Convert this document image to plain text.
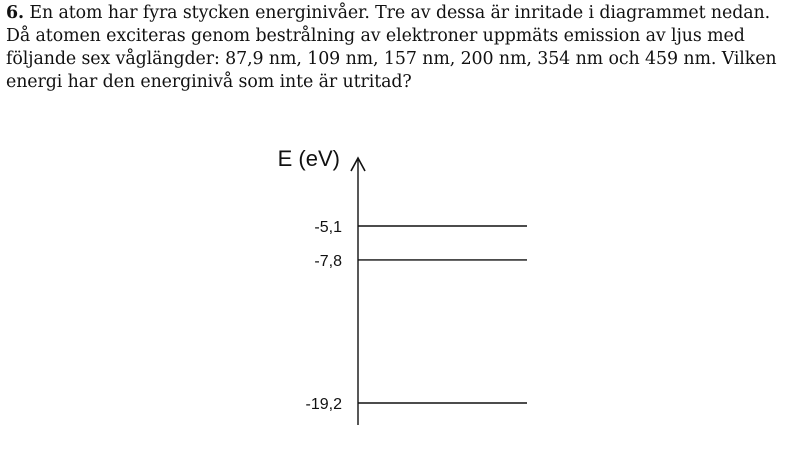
6. En atom har fyra stycken energinivåer. Tre av dessa är inritade i diagrammet nedan. Då atomen exciteras genom bestrålning av elektroner uppmäts emission av ljus med följande sex våglängder: 87,9 nm, 109 nm, 157 nm, 200 nm, 354 nm och 459 nm. Vilken energi har den energinivå som inte är utritad?

E (eV)
-5,1
-7,8
-19,2
